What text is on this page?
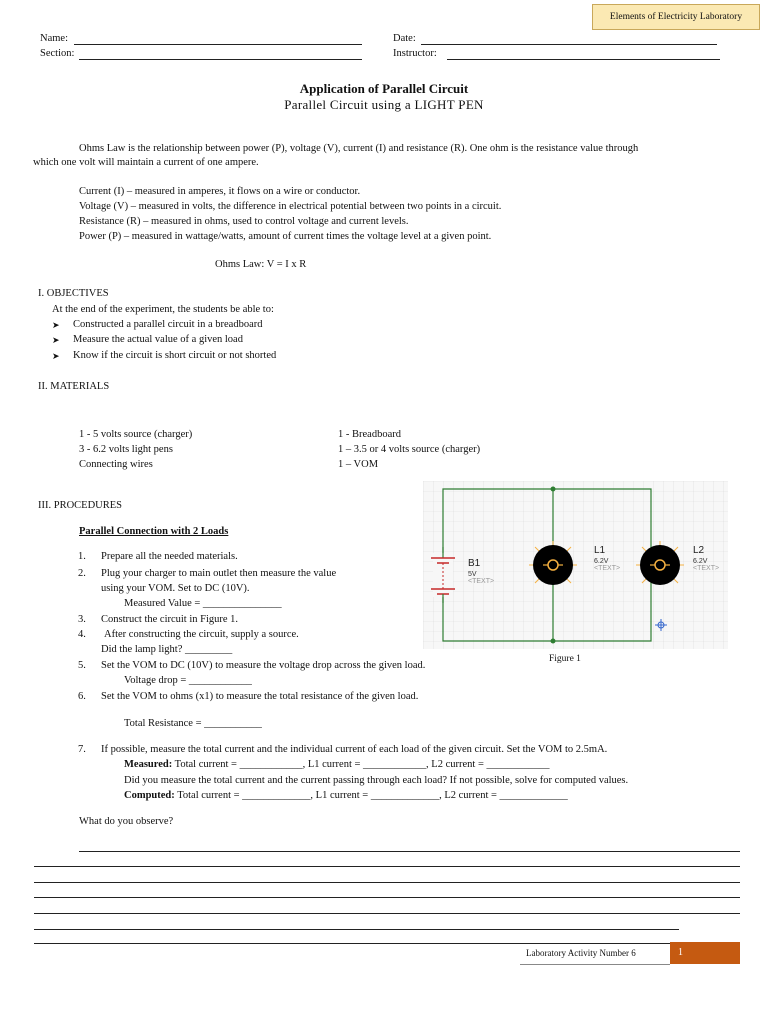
Elements of Electricity Laboratory
Name:
Section:
Date:
Instructor:
Application of Parallel Circuit
Parallel Circuit using a LIGHT PEN
Ohms Law is the relationship between power (P), voltage (V), current (I) and resistance (R). One ohm is the resistance value through
which one volt will maintain a current of one ampere.
Current (I) – measured in amperes, it flows on a wire or conductor.
Voltage (V) – measured in volts, the difference in electrical potential between two points in a circuit.
Resistance (R) – measured in ohms, used to control voltage and current levels.
Power (P) – measured in wattage/watts, amount of current times the voltage level at a given point.
Ohms Law: V = I x R
I. OBJECTIVES
At the end of the experiment, the students be able to:
➤ Constructed a parallel circuit in a breadboard
➤ Measure the actual value of a given load
➤ Know if the circuit is short circuit or not shorted
II. MATERIALS
1 - 5 volts source (charger)
3 - 6.2 volts light pens
Connecting wires
1 - Breadboard
1 – 3.5 or 4 volts source (charger)
1 – VOM
III. PROCEDURES
Parallel Connection with 2 Loads
1. Prepare all the needed materials.
2. Plug your charger to main outlet then measure the value
using your VOM. Set to DC (10V).
Measured Value = _______________
3. Construct the circuit in Figure 1.
4. After constructing the circuit, supply a source.
Did the lamp light? _________
5. Set the VOM to DC (10V) to measure the voltage drop across the given load.
Voltage drop = ____________
6. Set the VOM to ohms (x1) to measure the total resistance of the given load.
Total Resistance = ___________
7. If possible, measure the total current and the individual current of each load of the given circuit. Set the VOM to 2.5mA.
Measured: Total current = ____________, L1 current = ____________, L2 current = ____________
Did you measure the total current and the current passing through each load? If not possible, solve for computed values.
Computed: Total current = _____________, L1 current = _____________, L2 current = _____________
What do you observe?
B1
5V
<TEXT>
L1
6.2V
<TEXT>
L2
6.2V
<TEXT>
Figure 1
Laboratory Activity Number 6	1
